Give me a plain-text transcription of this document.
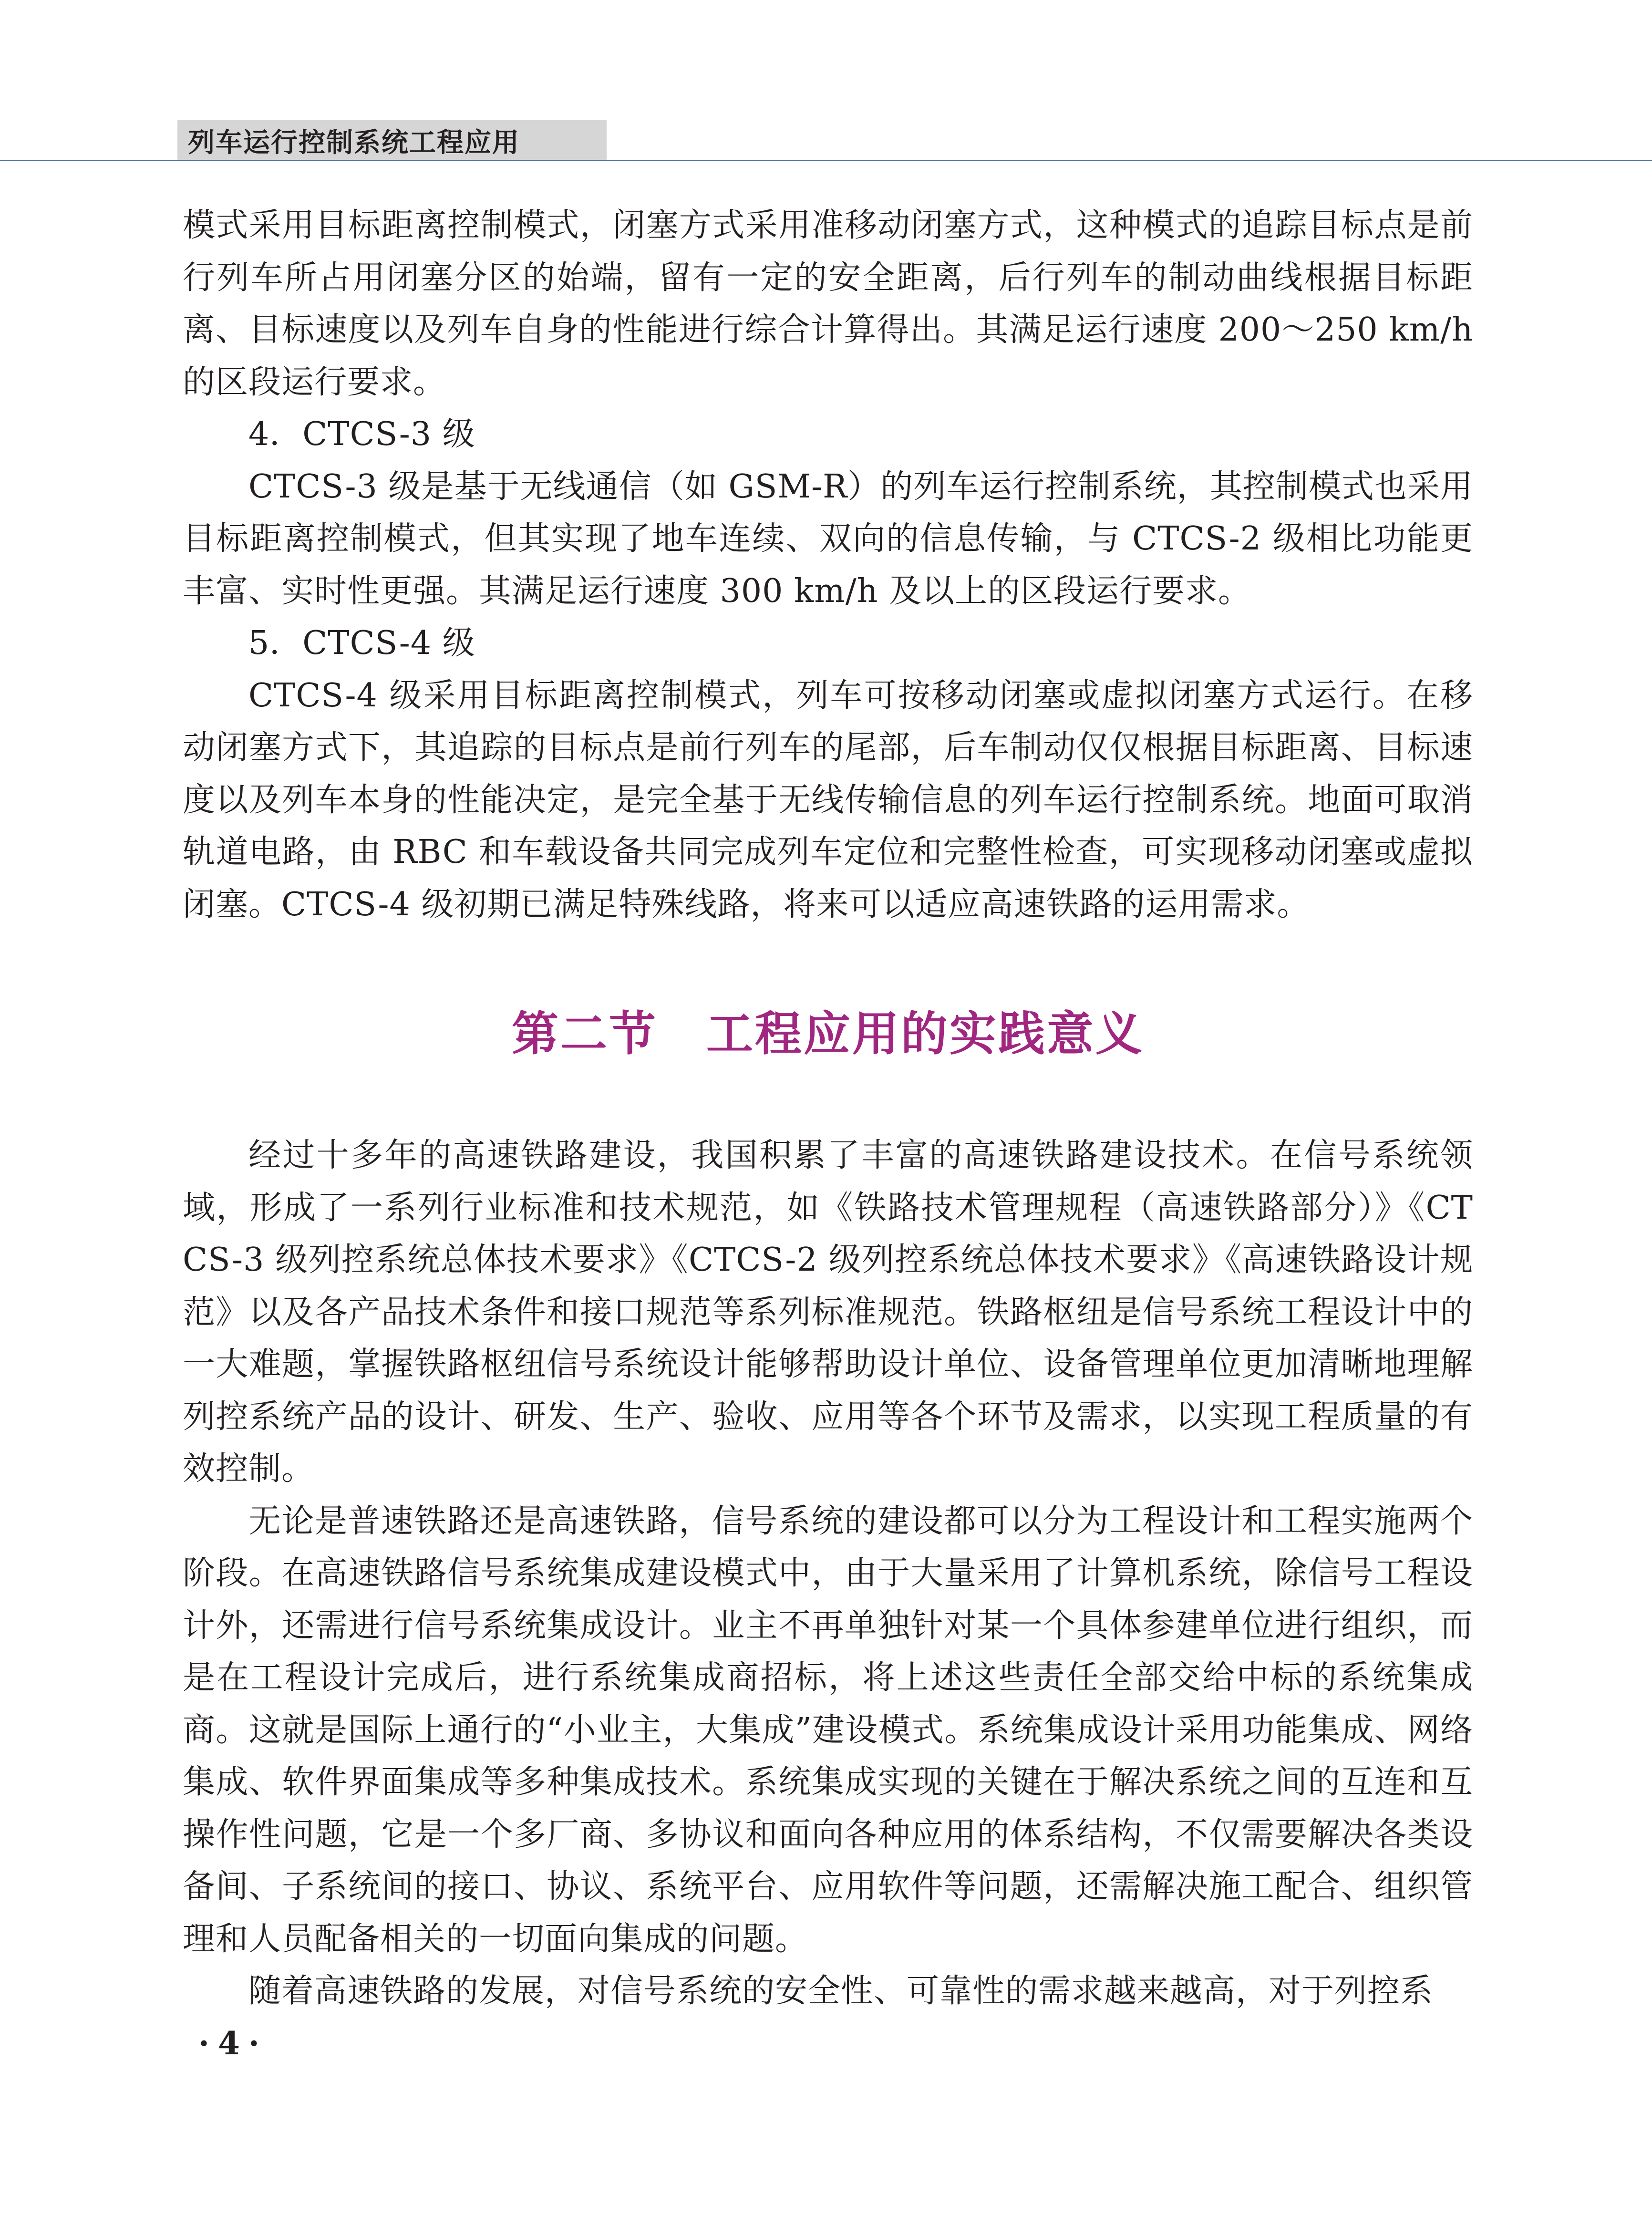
列车运行控制系统工程应用

模式采用目标距离控制模式，闭塞方式采用准移动闭塞方式，这种模式的追踪目标点是前行列车所占用闭塞分区的始端，留有一定的安全距离，后行列车的制动曲线根据目标距离、目标速度以及列车自身的性能进行综合计算得出。其满足运行速度 200～250 km/h的区段运行要求。

4．CTCS-3 级

CTCS-3 级是基于无线通信（如 GSM-R）的列车运行控制系统，其控制模式也采用目标距离控制模式，但其实现了地车连续、双向的信息传输，与 CTCS-2 级相比功能更丰富、实时性更强。其满足运行速度 300 km/h 及以上的区段运行要求。

5．CTCS-4 级

CTCS-4 级采用目标距离控制模式，列车可按移动闭塞或虚拟闭塞方式运行。在移动闭塞方式下，其追踪的目标点是前行列车的尾部，后车制动仅仅根据目标距离、目标速度以及列车本身的性能决定，是完全基于无线传输信息的列车运行控制系统。地面可取消轨道电路，由 RBC 和车载设备共同完成列车定位和完整性检查，可实现移动闭塞或虚拟闭塞。CTCS-4 级初期已满足特殊线路，将来可以适应高速铁路的运用需求。

第二节　工程应用的实践意义

经过十多年的高速铁路建设，我国积累了丰富的高速铁路建设技术。在信号系统领域，形成了一系列行业标准和技术规范，如《铁路技术管理规程（高速铁路部分）》《CTCS-3 级列控系统总体技术要求》《CTCS-2 级列控系统总体技术要求》《高速铁路设计规范》以及各产品技术条件和接口规范等系列标准规范。铁路枢纽是信号系统工程设计中的一大难题，掌握铁路枢纽信号系统设计能够帮助设计单位、设备管理单位更加清晰地理解列控系统产品的设计、研发、生产、验收、应用等各个环节及需求，以实现工程质量的有效控制。

无论是普速铁路还是高速铁路，信号系统的建设都可以分为工程设计和工程实施两个阶段。在高速铁路信号系统集成建设模式中，由于大量采用了计算机系统，除信号工程设计外，还需进行信号系统集成设计。业主不再单独针对某一个具体参建单位进行组织，而是在工程设计完成后，进行系统集成商招标，将上述这些责任全部交给中标的系统集成商。这就是国际上通行的“小业主，大集成”建设模式。系统集成设计采用功能集成、网络集成、软件界面集成等多种集成技术。系统集成实现的关键在于解决系统之间的互连和互操作性问题，它是一个多厂商、多协议和面向各种应用的体系结构，不仅需要解决各类设备间、子系统间的接口、协议、系统平台、应用软件等问题，还需解决施工配合、组织管理和人员配备相关的一切面向集成的问题。

随着高速铁路的发展，对信号系统的安全性、可靠性的需求越来越高，对于列控系

·4·
